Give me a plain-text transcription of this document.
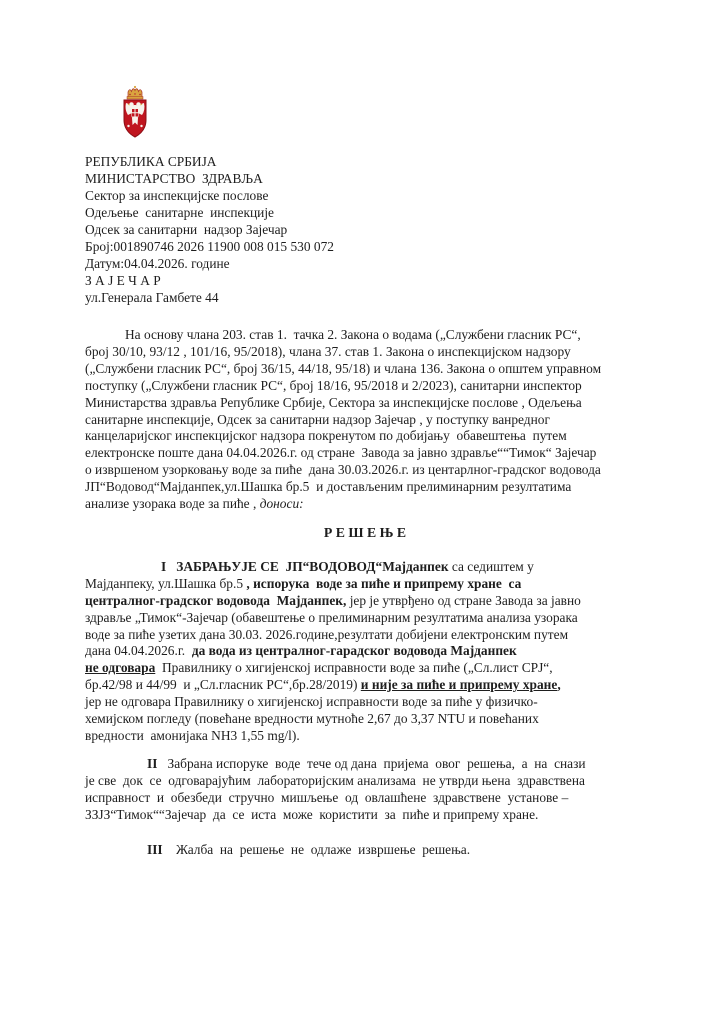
РЕПУБЛИКА СРБИЈА
МИНИСТАРСТВО  ЗДРАВЉА
Сектор за инспекцијске послове
Одељење  санитарне  инспекције
Одсек за санитарни  надзор Зајечар
Број:001890746 2026 11900 008 015 530 072
Датум:04.04.2026. године
З А Ј Е Ч А Р
ул.Генерала Гамбете 44
На основу члана 203. став 1.  тачка 2. Закона о водама („Службени гласник РС“,
број 30/10, 93/12 , 101/16, 95/2018), члана 37. став 1. Закона о инспекцијском надзору
(„Службени гласник РС“, број 36/15, 44/18, 95/18) и члана 136. Закона о општем управном
поступку („Службени гласник РС“, број 18/16, 95/2018 и 2/2023), санитарни инспектор
Министарства здравља Републике Србије, Сектора за инспекцијске послове , Одељења
санитарне инспекције, Одсек за санитарни надзор Зајечар , у поступку ванредног
канцеларијског инспекцијског надзора покренутом по добијању  обавештења  путем
електронске поште дана 04.04.2026.г. од стране  Завода за јавно здравље““Тимок“ Зајечар
о извршеном узорковању воде за пиће  дана 30.03.2026.г. из центарлног-градског водовода
ЈП“Водовод“Мајданпек,ул.Шашка бр.5  и достављеним прелиминарним резултатима
анализе узорака воде за пиће , доноси:
Р Е Ш Е Њ Е
I   ЗАБРАЊУЈЕ СЕ  ЈП“ВОДОВОД“Мајданпек са седиштем у
Мајданпеку, ул.Шашка бр.5 , испорука  воде за пиће и припрему хране  са
централног-градског водовода  Мајданпек, јер је утврђено од стране Завода за јавно
здравље „Тимок“-Зајечар (обавештење о прелиминарним резултатима анализа узорака
воде за пиће узетих дана 30.03. 2026.године,резултати добијени електронским путем
дана 04.04.2026.г.  да вода из централног-гарадског водовода Мајданпек
не одговара  Правилнику о хигијенској исправности воде за пиће („Сл.лист СРЈ“,
бр.42/98 и 44/99  и „Сл.гласник РС“,бр.28/2019) и није за пиће и припрему хране,
јер не одговара Правилнику о хигијенској исправности воде за пиће у физичко-
хемијском погледу (повећане вредности мутноће 2,67 до 3,37 NTU и повећаних
вредности  амонијака NH3 1,55 mg/l).
II   Забрана испоруке  воде  тече од дана  пријема  овог  решења,  а  на  снази
је све  док  се  одговарајућим  лабораторијским анализама  не утврди њена  здравствена
исправност  и  обезбеди  стручно  мишљење  од  овлашћене  здравствене  установе –
ЗЗЈЗ“Тимок““Зајечар  да  се  иста  може  користити  за  пиће и припрему хране.
III    Жалба  на  решење  не  одлаже  извршење  решења.
